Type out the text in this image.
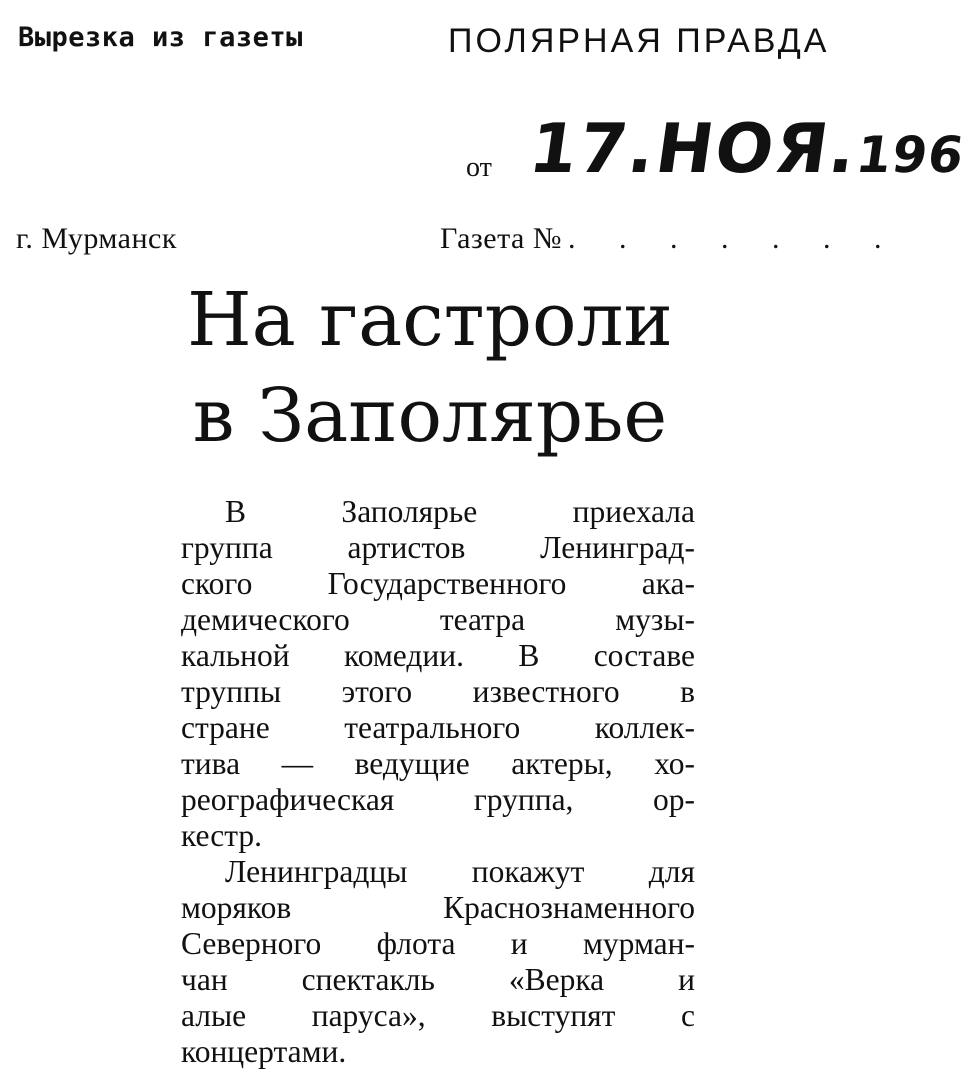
Вырезка из газеты	ПОЛЯРНАЯ ПРАВДА
от 17.НОЯ.196
г. Мурманск	Газета № . . . . . . .
На гастроли
в Заполярье

В Заполярье приехала
группа артистов Ленинград-
ского Государственного ака-
демического театра музы-
кальной комедии. В составе
труппы этого известного в
стране театрального коллек-
тива — ведущие актеры, хо-
реографическая группа, ор-
кестр.

Ленинградцы покажут для
моряков Краснознаменного
Северного флота и мурман-
чан спектакль «Верка и
алые паруса», выступят с
концертами.
